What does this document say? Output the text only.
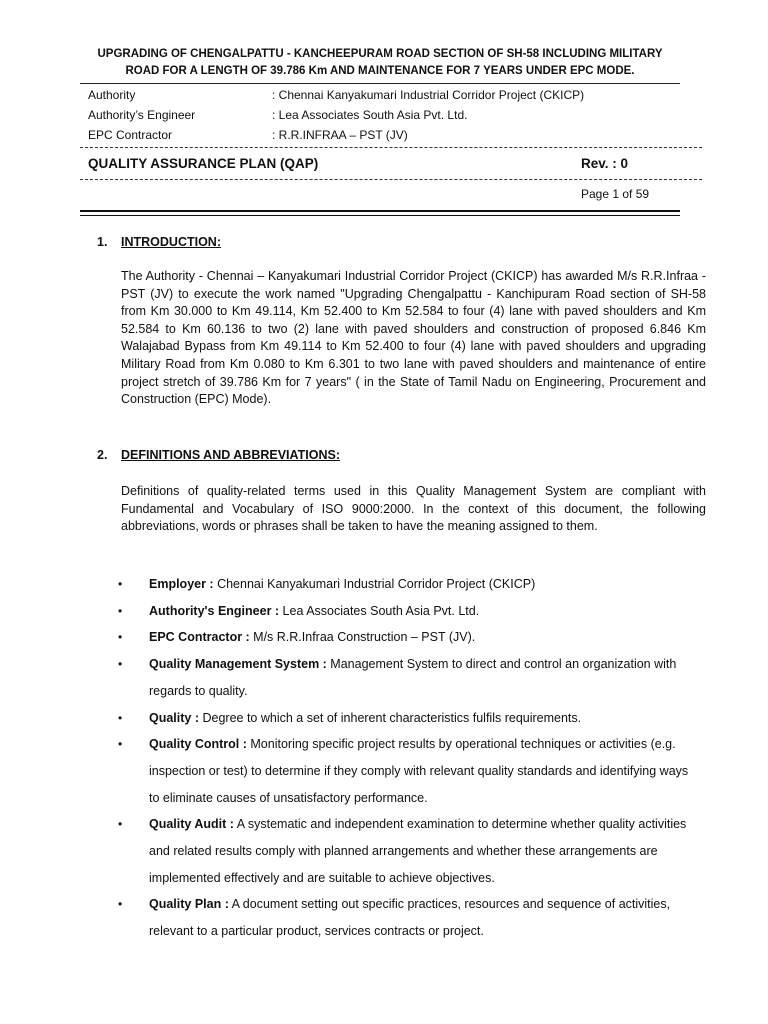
UPGRADING OF CHENGALPATTU - KANCHEEPURAM ROAD SECTION OF SH-58 INCLUDING MILITARY
ROAD FOR A LENGTH OF 39.786 Km AND MAINTENANCE FOR 7 YEARS UNDER EPC MODE.
Authority	: Chennai Kanyakumari Industrial Corridor Project (CKICP)
Authority’s Engineer	: Lea Associates South Asia Pvt. Ltd.
EPC Contractor	: R.R.INFRAA – PST (JV)
QUALITY ASSURANCE PLAN (QAP)	Rev. : 0
Page 1 of 59
1. INTRODUCTION:
The Authority - Chennai – Kanyakumari Industrial Corridor Project (CKICP) has awarded M/s R.R.Infraa - PST (JV) to execute the work named "Upgrading Chengalpattu - Kanchipuram Road section of SH-58 from Km 30.000 to Km 49.114, Km 52.400 to Km 52.584 to four (4) lane with paved shoulders and Km 52.584 to Km 60.136 to two (2) lane with paved shoulders and construction of proposed 6.846 Km Walajabad Bypass from Km 49.114 to Km 52.400 to four (4) lane with paved shoulders and upgrading Military Road from Km 0.080 to Km 6.301 to two lane with paved shoulders and maintenance of entire project stretch of 39.786 Km for 7 years" ( in the State of Tamil Nadu on Engineering, Procurement and Construction (EPC) Mode).
2. DEFINITIONS AND ABBREVIATIONS:
Definitions of quality-related terms used in this Quality Management System are compliant with Fundamental and Vocabulary of ISO 9000:2000. In the context of this document, the following abbreviations, words or phrases shall be taken to have the meaning assigned to them.
• Employer : Chennai Kanyakumari Industrial Corridor Project (CKICP)
• Authority's Engineer : Lea Associates South Asia Pvt. Ltd.
• EPC Contractor : M/s R.R.Infraa Construction – PST (JV).
• Quality Management System : Management System to direct and control an organization with regards to quality.
• Quality : Degree to which a set of inherent characteristics fulfils requirements.
• Quality Control : Monitoring specific project results by operational techniques or activities (e.g. inspection or test) to determine if they comply with relevant quality standards and identifying ways to eliminate causes of unsatisfactory performance.
• Quality Audit : A systematic and independent examination to determine whether quality activities and related results comply with planned arrangements and whether these arrangements are implemented effectively and are suitable to achieve objectives.
• Quality Plan : A document setting out specific practices, resources and sequence of activities, relevant to a particular product, services contracts or project.
